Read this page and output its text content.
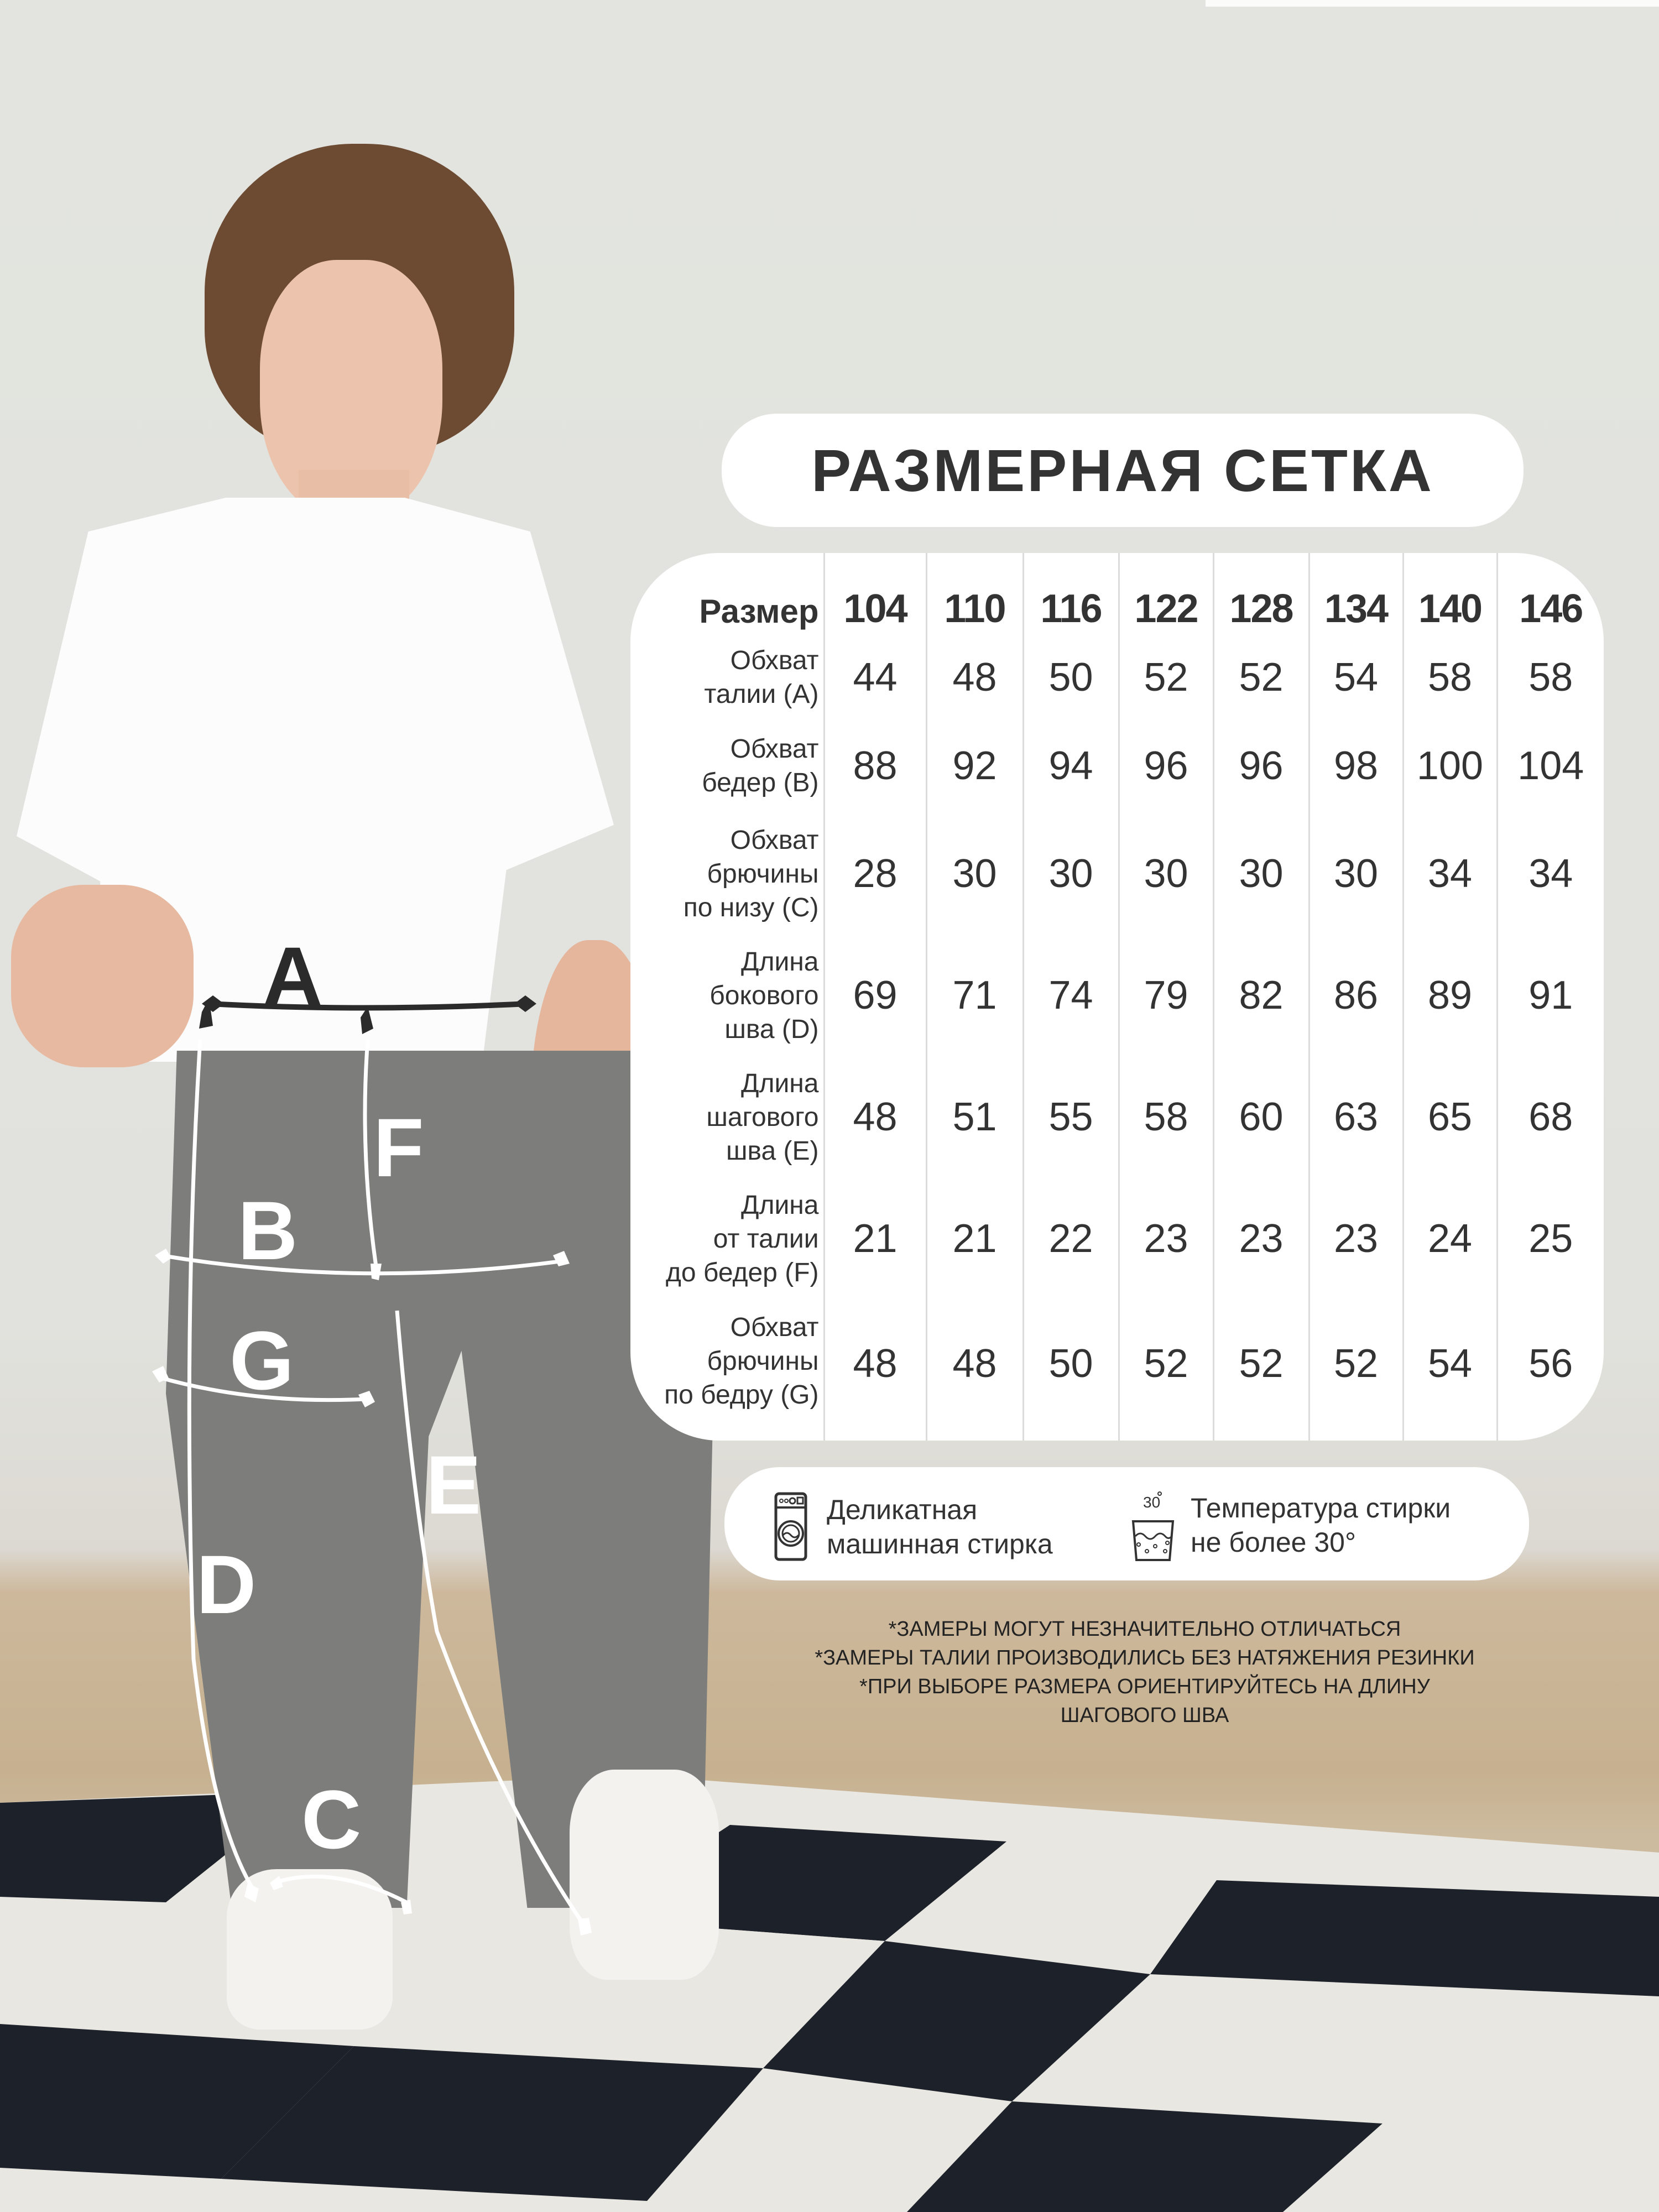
A
F
B
G
E
D
C
РАЗМЕРНАЯ СЕТКА
Размер	104	110	116	122	128	134	140	146

Обхват
талии (A)	44	48	50	52	52	54	58	58

Обхват
бедер (B)	88	92	94	96	96	98	100	104

Обхват
брючины
по низу (C)	28	30	30	30	30	30	34	34

Длина
бокового
шва (D)	69	71	74	79	82	86	89	91

Длина
шагового
шва (E)	48	51	55	58	60	63	65	68

Длина
от талии
до бедер (F)	21	21	22	23	23	23	24	25

Обхват
брючины
по бедру (G)	48	48	50	52	52	52	54	56
Деликатная
машинная стирка
30 Температура стирки
не более 30°
*ЗАМЕРЫ МОГУТ НЕЗНАЧИТЕЛЬНО ОТЛИЧАТЬСЯ
*ЗАМЕРЫ ТАЛИИ ПРОИЗВОДИЛИСЬ БЕЗ НАТЯЖЕНИЯ РЕЗИНКИ
*ПРИ ВЫБОРЕ РАЗМЕРА ОРИЕНТИРУЙТЕСЬ НА ДЛИНУ
ШАГОВОГО ШВА
